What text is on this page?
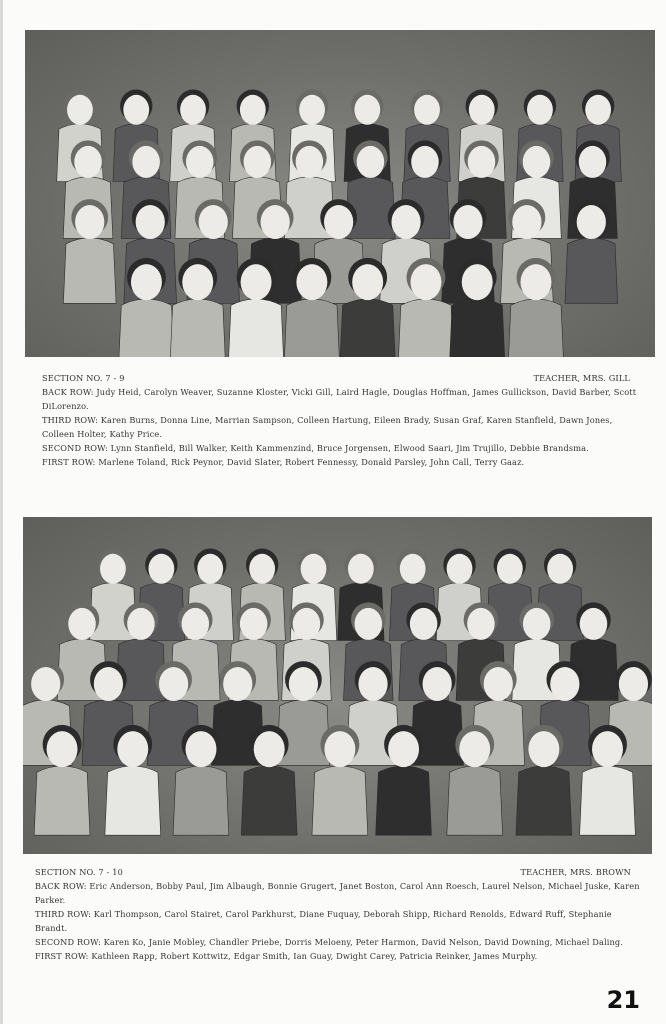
SECTION NO. 7 - 9	TEACHER, MRS. GILL

BACK ROW: Judy Heid, Carolyn Weaver, Suzanne Kloster, Vicki Gill, Laird Hagle, Douglas Hoffman, James Gullickson, David Barber, Scott DiLorenzo.

THIRD ROW: Karen Burns, Donna Line, Marrian Sampson, Colleen Hartung, Eileen Brady, Susan Graf, Karen Stanfield, Dawn Jones, Colleen Holter, Kathy Price.

SECOND ROW: Lynn Stanfield, Bill Walker, Keith Kammenzind, Bruce Jorgensen, Elwood Saari, Jim Trujillo, Debbie Brandsma.

FIRST ROW: Marlene Toland, Rick Peynor, David Slater, Robert Fennessy, Donald Parsley, John Call, Terry Gaaz.

SECTION NO. 7 - 10	TEACHER, MRS. BROWN

BACK ROW: Eric Anderson, Bobby Paul, Jim Albaugh, Bonnie Grugert, Janet Boston, Carol Ann Roesch, Laurel Nelson, Michael Juske, Karen Parker.

THIRD ROW: Karl Thompson, Carol Stairet, Carol Parkhurst, Diane Fuquay, Deborah Shipp, Richard Renolds, Edward Ruff, Stephanie Brandt.

SECOND ROW: Karen Ko, Janie Mobley, Chandler Priebe, Dorris Meloeny, Peter Harmon, David Nelson, David Downing, Michael Daling.

FIRST ROW: Kathleen Rapp, Robert Kottwitz, Edgar Smith, Ian Guay, Dwight Carey, Patricia Reinker, James Murphy.

21
